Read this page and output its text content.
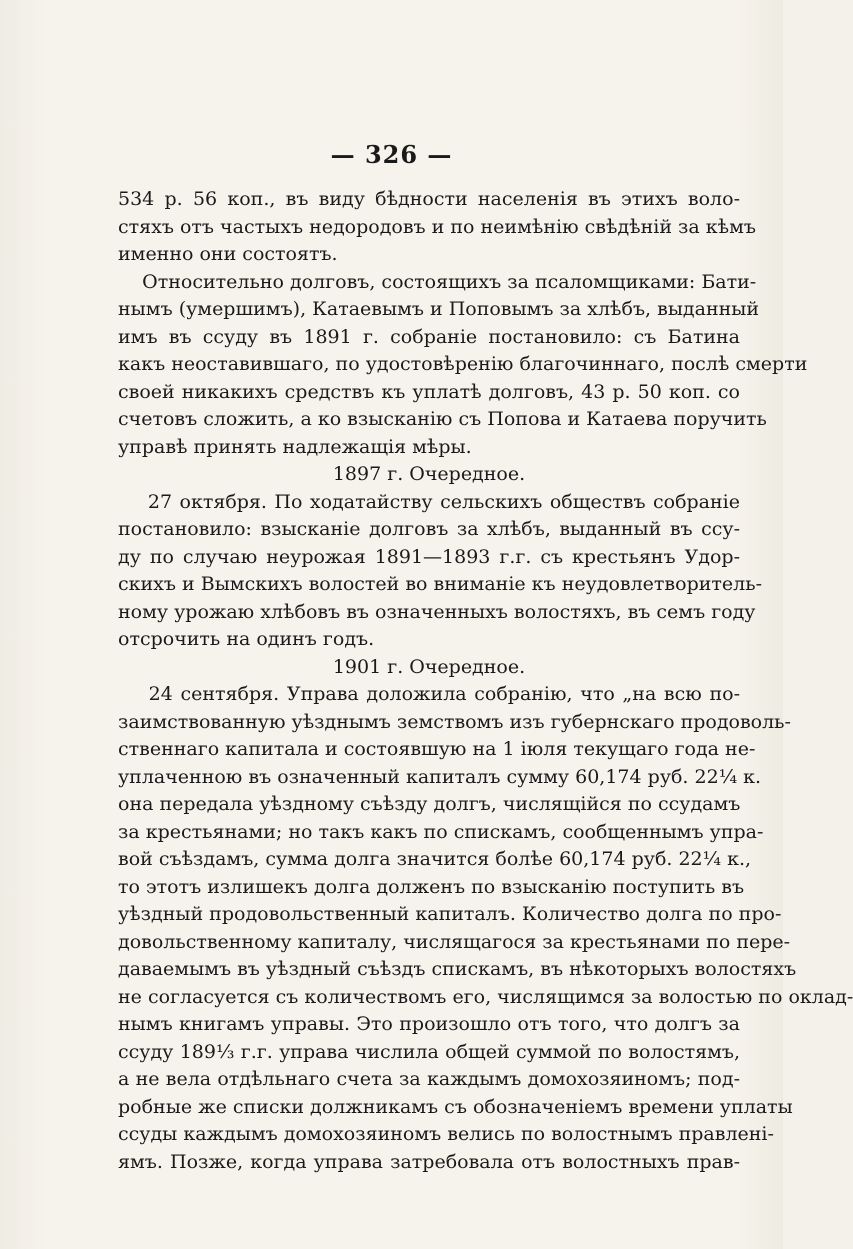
— 326 —
534 р. 56 коп., въ виду бѣдности населенія въ этихъ воло-
стяхъ отъ частыхъ недородовъ и по неимѣнію свѣдѣній за кѣмъ
именно они состоятъ.
Относительно долговъ, состоящихъ за псаломщиками: Бати-
нымъ (умершимъ), Катаевымъ и Поповымъ за хлѣбъ, выданный
имъ въ ссуду въ 1891 г. собраніе постановило: съ Батина
какъ неоставившаго, по удостовѣренію благочиннаго, послѣ смерти
своей никакихъ средствъ къ уплатѣ долговъ, 43 р. 50 коп. со
счетовъ сложить, а ко взысканію съ Попова и Катаева поручить
управѣ принять надлежащія мѣры.
1897 г. Очередное.
27 октября. По ходатайству сельскихъ обществъ собраніе
постановило: взысканіе долговъ за хлѣбъ, выданный въ ссу-
ду по случаю неурожая 1891—1893 г.г. съ крестьянъ Удор-
скихъ и Вымскихъ волостей во вниманіе къ неудовлетворитель-
ному урожаю хлѣбовъ въ означенныхъ волостяхъ, въ семъ году
отсрочить на одинъ годъ.
1901 г. Очередное.
24 сентября. Управа доложила собранію, что „на всю по-
заимствованную уѣзднымъ земствомъ изъ губернскаго продоволь-
ственнаго капитала и состоявшую на 1 іюля текущаго года не-
уплаченною въ означенный капиталъ сумму 60,174 руб. 22¼ к.
она передала уѣздному съѣзду долгъ, числящійся по ссудамъ
за крестьянами; но такъ какъ по спискамъ, сообщеннымъ упра-
вой съѣздамъ, сумма долга значится болѣе 60,174 руб. 22¼ к.,
то этотъ излишекъ долга долженъ по взысканію поступить въ
уѣздный продовольственный капиталъ. Количество долга по про-
довольственному капиталу, числящагося за крестьянами по пере-
даваемымъ въ уѣздный съѣздъ спискамъ, въ нѣкоторыхъ волостяхъ
не согласуется съ количествомъ его, числящимся за волостью по оклад-
нымъ книгамъ управы. Это произошло отъ того, что долгъ за
ссуду 189⅓ г.г. управа числила общей суммой по волостямъ,
а не вела отдѣльнаго счета за каждымъ домохозяиномъ; под-
робные же списки должникамъ съ обозначеніемъ времени уплаты
ссуды каждымъ домохозяиномъ велись по волостнымъ правлені-
ямъ. Позже, когда управа затребовала отъ волостныхъ прав-
